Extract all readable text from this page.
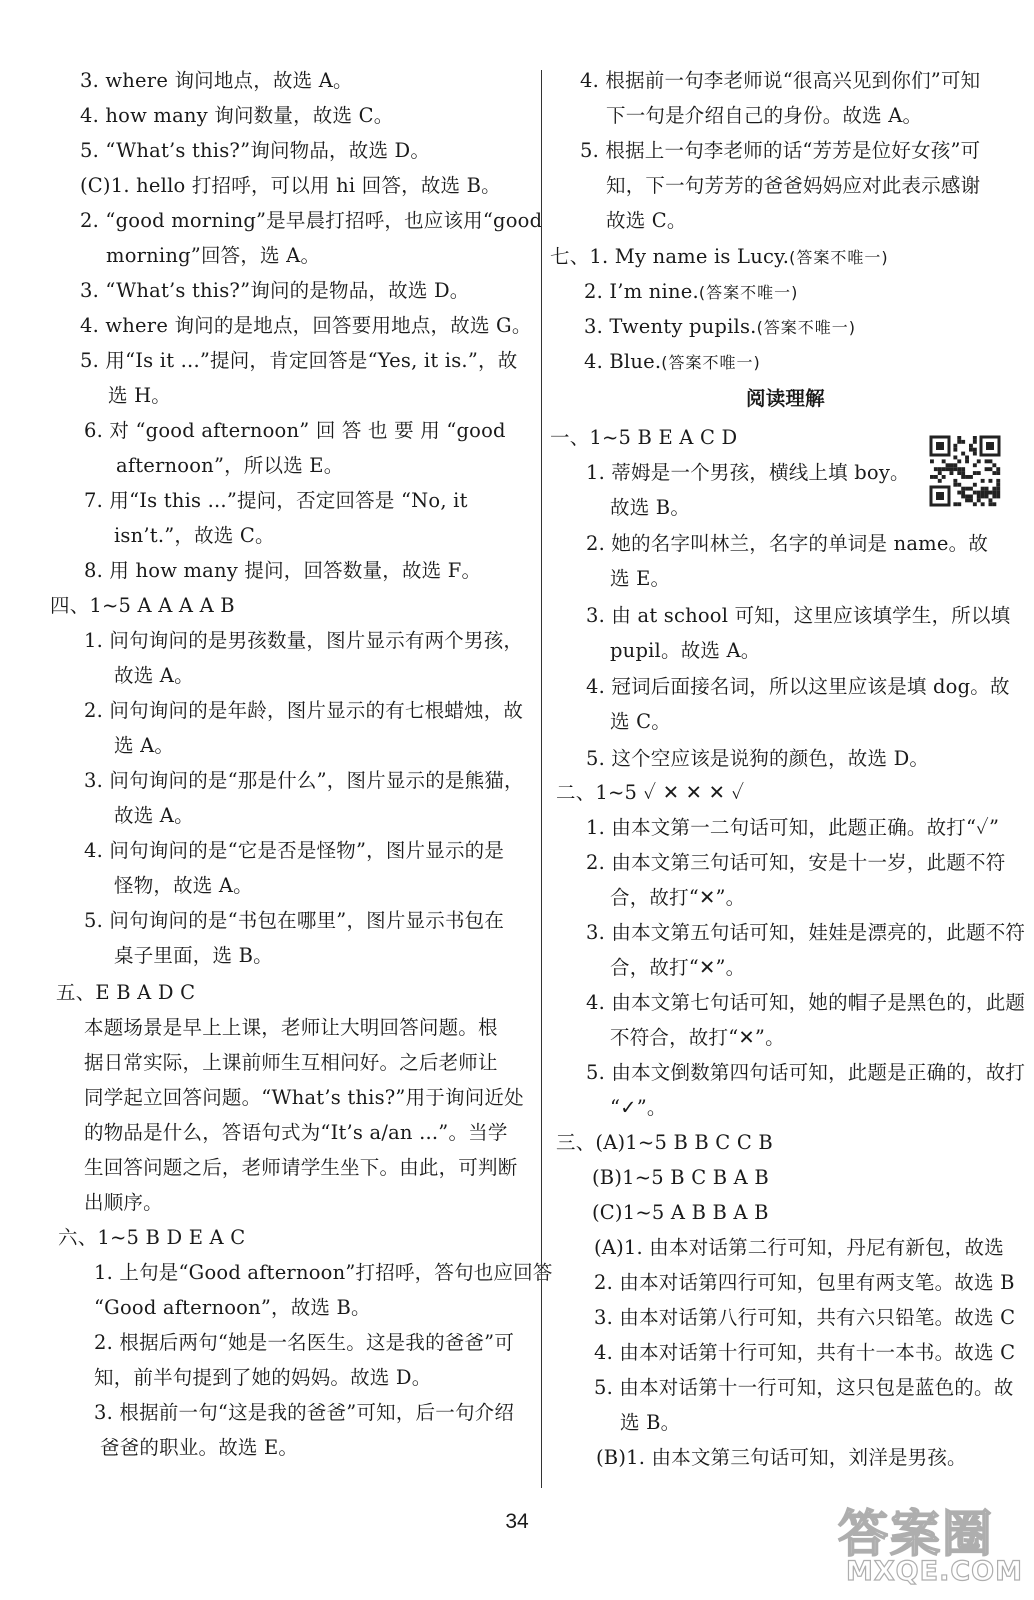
3. where 询问地点，故选 A。
4. how many 询问数量，故选 C。
5. “What’s this?”询问物品，故选 D。
(C)1. hello 打招呼，可以用 hi 回答，故选 B。
2. “good morning”是早晨打招呼，也应该用“good
morning”回答，选 A。
3. “What’s this?”询问的是物品，故选 D。
4. where 询问的是地点，回答要用地点，故选 G。
5. 用“Is it ...”提问，肯定回答是“Yes, it is.”，故
选 H。
6. 对 “good afternoon” 回 答 也 要 用 “good
afternoon”，所以选 E。
7. 用“Is this ...”提问，否定回答是 “No, it
isn’t.”，故选 C。
8. 用 how many 提问，回答数量，故选 F。
四、1~5 A A A A B
1. 问句询问的是男孩数量，图片显示有两个男孩，
故选 A。
2. 问句询问的是年龄，图片显示的有七根蜡烛，故
选 A。
3. 问句询问的是“那是什么”，图片显示的是熊猫，
故选 A。
4. 问句询问的是“它是否是怪物”，图片显示的是
怪物，故选 A。
5. 问句询问的是“书包在哪里”，图片显示书包在
桌子里面，选 B。
五、E B A D C
本题场景是早上上课，老师让大明回答问题。根
据日常实际，上课前师生互相问好。之后老师让
同学起立回答问题。“What’s this?”用于询问近处
的物品是什么，答语句式为“It’s a/an ...”。当学
生回答问题之后，老师请学生坐下。由此，可判断
出顺序。
六、1~5 B D E A C
1. 上句是“Good afternoon”打招呼，答句也应回答
“Good afternoon”，故选 B。
2. 根据后两句“她是一名医生。这是我的爸爸”可
知，前半句提到了她的妈妈。故选 D。
3. 根据前一句“这是我的爸爸”可知，后一句介绍
爸爸的职业。故选 E。
4. 根据前一句李老师说“很高兴见到你们”可知
下一句是介绍自己的身份。故选 A。
5. 根据上一句李老师的话“芳芳是位好女孩”可
知，下一句芳芳的爸爸妈妈应对此表示感谢
故选 C。
七、1. My name is Lucy.(答案不唯一)
2. I’m nine.(答案不唯一)
3. Twenty pupils.(答案不唯一)
4. Blue.(答案不唯一)
阅读理解
一、1~5 B E A C D
1. 蒂姆是一个男孩，横线上填 boy。
故选 B。
2. 她的名字叫林兰，名字的单词是 name。故
选 E。
3. 由 at school 可知，这里应该填学生，所以填
pupil。故选 A。
4. 冠词后面接名词，所以这里应该是填 dog。故
选 C。
5. 这个空应该是说狗的颜色，故选 D。
二、1~5 ✓ ✕ ✕ ✕ ✓
1. 由本文第一二句话可知，此题正确。故打“✓”
2. 由本文第三句话可知，安是十一岁，此题不符
合，故打“✕”。
3. 由本文第五句话可知，娃娃是漂亮的，此题不符
合，故打“✕”。
4. 由本文第七句话可知，她的帽子是黑色的，此题
不符合，故打“✕”。
5. 由本文倒数第四句话可知，此题是正确的，故打
“✓”。
三、(A)1~5 B B C C B
(B)1~5 B C B A B
(C)1~5 A B B A B
(A)1. 由本对话第二行可知，丹尼有新包，故选
2. 由本对话第四行可知，包里有两支笔。故选 B
3. 由本对话第八行可知，共有六只铅笔。故选 C
4. 由本对话第十行可知，共有十一本书。故选 C
5. 由本对话第十一行可知，这只包是蓝色的。故
选 B。
(B)1. 由本文第三句话可知，刘洋是男孩。
34	答案圈
MXQE.COM
